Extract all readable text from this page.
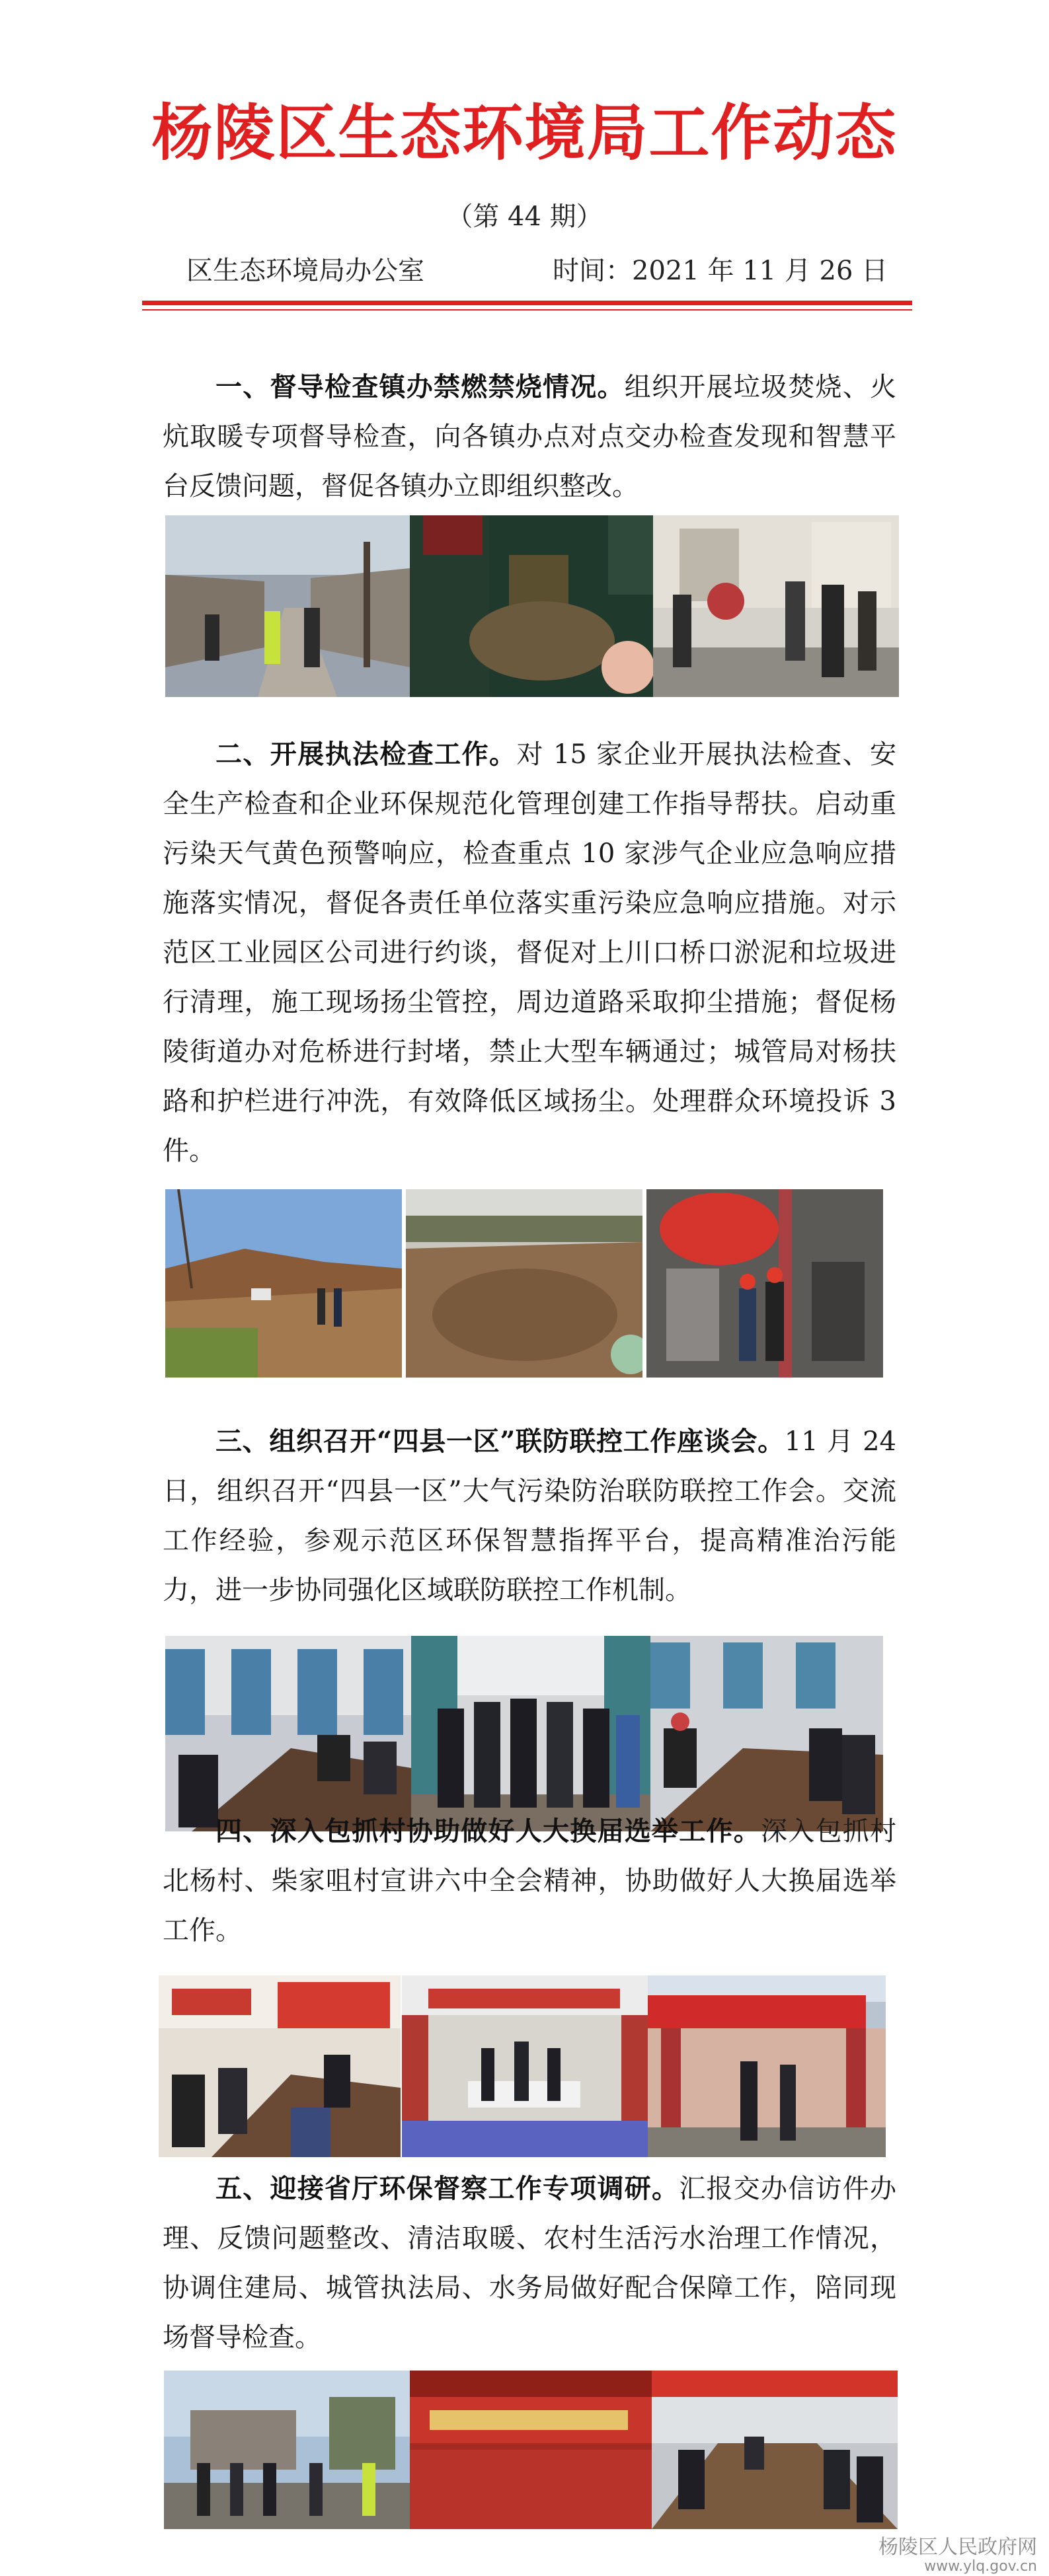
杨陵区生态环境局工作动态
（第 44 期）
区生态环境局办公室	时间：2021 年 11 月 26 日
一、督导检查镇办禁燃禁烧情况。组织开展垃圾焚烧、火炕取暖专项督导检查，向各镇办点对点交办检查发现和智慧平台反馈问题，督促各镇办立即组织整改。
二、开展执法检查工作。对 15 家企业开展执法检查、安全生产检查和企业环保规范化管理创建工作指导帮扶。启动重污染天气黄色预警响应，检查重点 10 家涉气企业应急响应措施落实情况，督促各责任单位落实重污染应急响应措施。对示范区工业园区公司进行约谈，督促对上川口桥口淤泥和垃圾进行清理，施工现场扬尘管控，周边道路采取抑尘措施；督促杨陵街道办对危桥进行封堵，禁止大型车辆通过；城管局对杨扶路和护栏进行冲洗，有效降低区域扬尘。处理群众环境投诉 3 件。
三、组织召开“四县一区”联防联控工作座谈会。11 月 24 日，组织召开“四县一区”大气污染防治联防联控工作会。交流工作经验，参观示范区环保智慧指挥平台，提高精准治污能力，进一步协同强化区域联防联控工作机制。
四、深入包抓村协助做好人大换届选举工作。深入包抓村北杨村、柴家咀村宣讲六中全会精神，协助做好人大换届选举工作。
五、迎接省厅环保督察工作专项调研。汇报交办信访件办理、反馈问题整改、清洁取暖、农村生活污水治理工作情况，协调住建局、城管执法局、水务局做好配合保障工作，陪同现场督导检查。
杨陵区人民政府网
www.ylq.gov.cn
